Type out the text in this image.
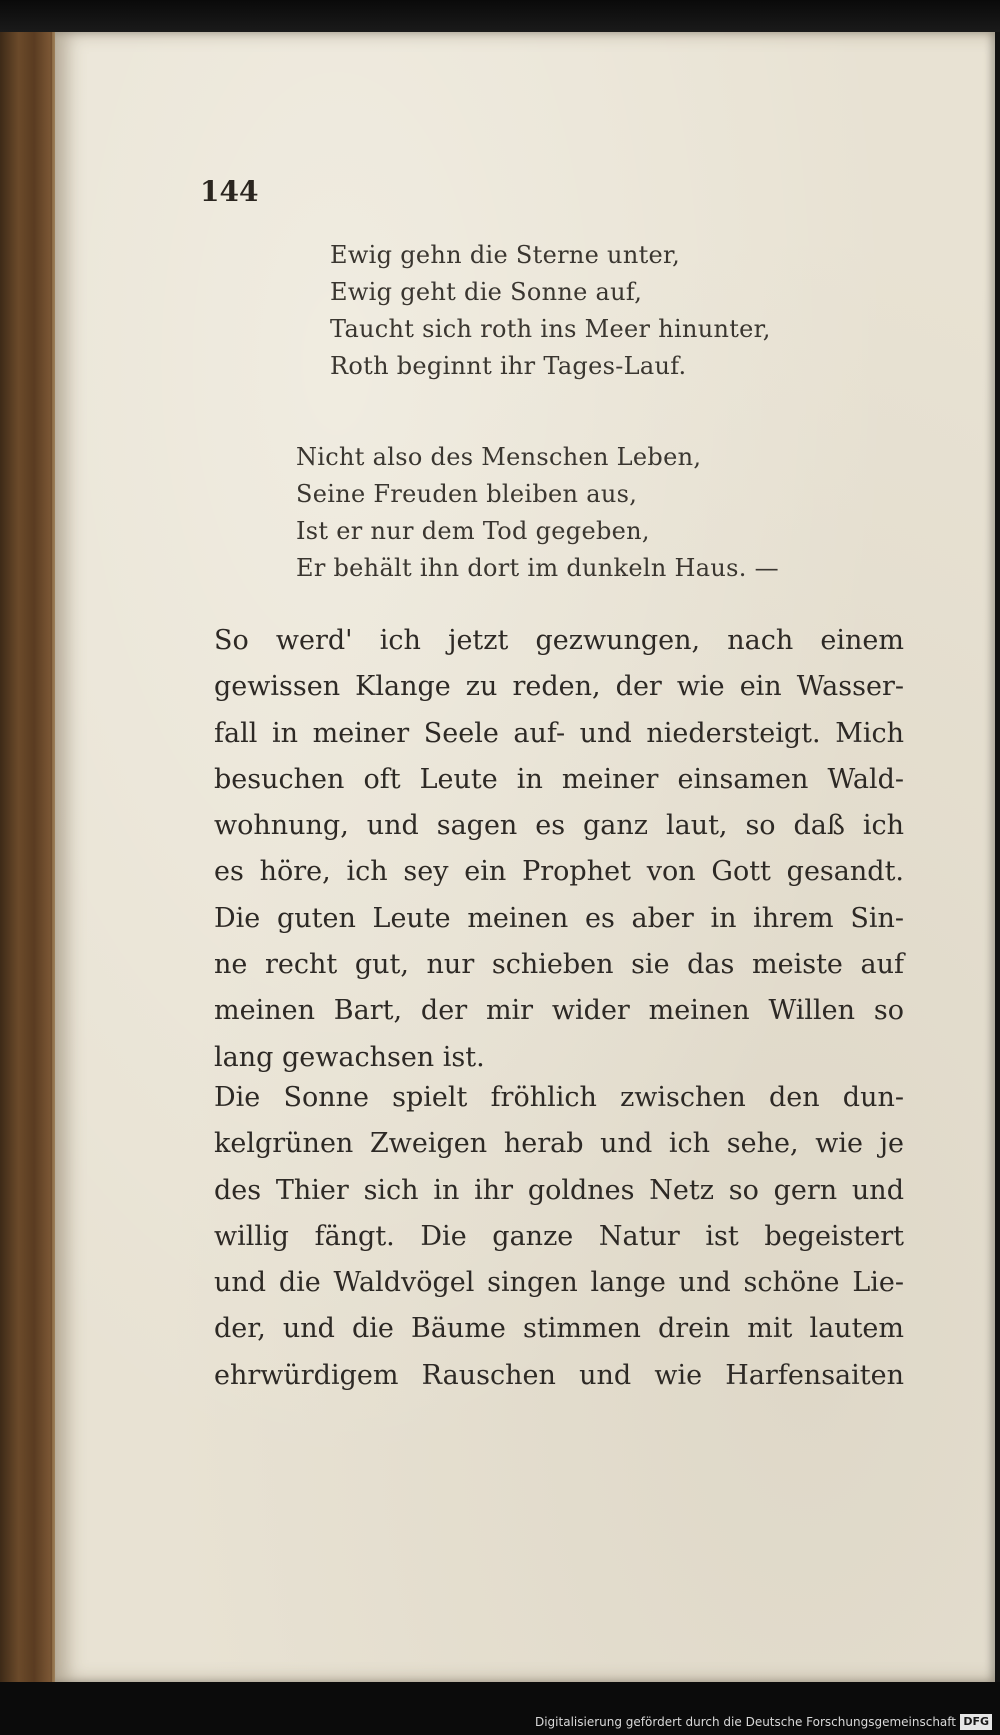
144
Ewig gehn die Sterne unter,
Ewig geht die Sonne auf,
Taucht sich roth ins Meer hinunter,
Roth beginnt ihr Tages-Lauf.
Nicht also des Menschen Leben,
Seine Freuden bleiben aus,
Ist er nur dem Tod gegeben,
Er behält ihn dort im dunkeln Haus. —
So werd' ich jetzt gezwungen, nach einem
gewissen Klange zu reden, der wie ein Wasser-
fall in meiner Seele auf- und niedersteigt. Mich
besuchen oft Leute in meiner einsamen Wald-
wohnung, und sagen es ganz laut, so daß ich
es höre, ich sey ein Prophet von Gott gesandt.
Die guten Leute meinen es aber in ihrem Sin-
ne recht gut, nur schieben sie das meiste auf
meinen Bart, der mir wider meinen Willen so
lang gewachsen ist.
Die Sonne spielt fröhlich zwischen den dun-
kelgrünen Zweigen herab und ich sehe, wie je
des Thier sich in ihr goldnes Netz so gern und
willig fängt. Die ganze Natur ist begeistert
und die Waldvögel singen lange und schöne Lie-
der, und die Bäume stimmen drein mit lautem
ehrwürdigem Rauschen und wie Harfensaiten
Digitalisierung gefördert durch die Deutsche Forschungsgemeinschaft DFG
